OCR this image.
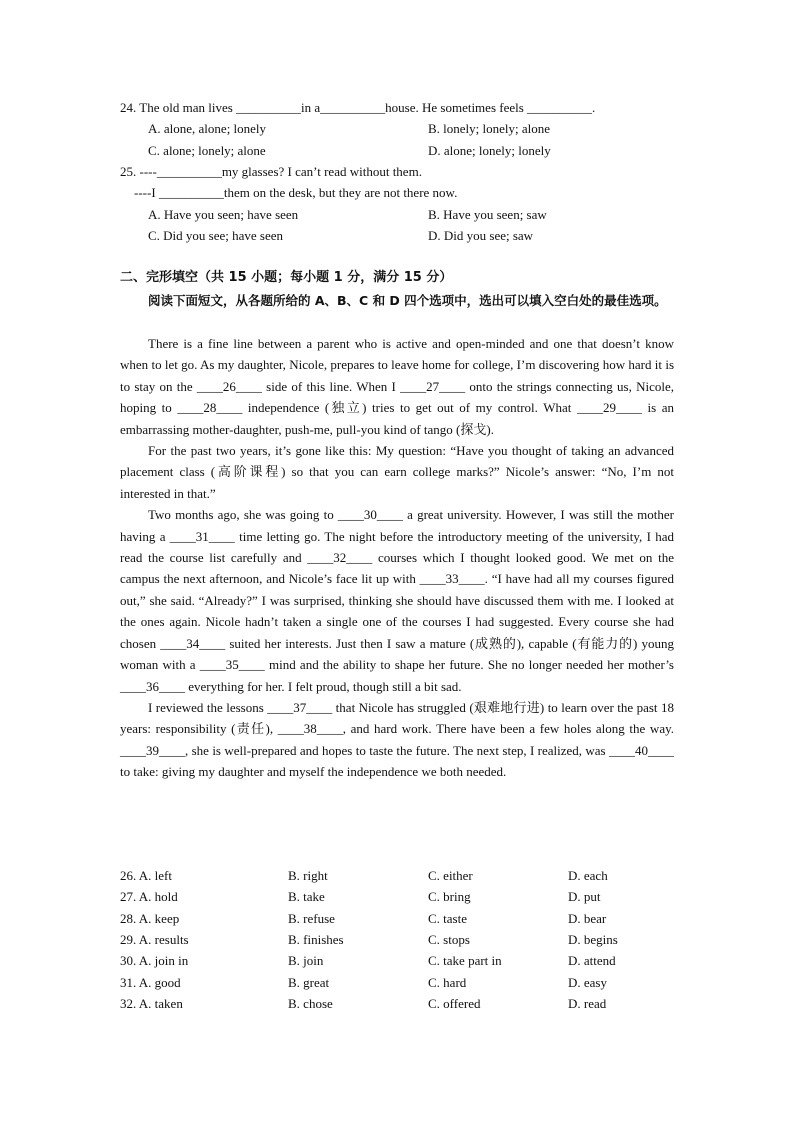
24. The old man lives __________in a__________house. He sometimes feels __________.
A. alone, alone; lonely	B. lonely; lonely; alone
C. alone; lonely; alone	D. alone; lonely; lonely
25. ----__________my glasses? I can’t read without them.
----I __________them on the desk, but they are not there now.
A. Have you seen; have seen	B. Have you seen; saw
C. Did you see; have seen	D. Did you see; saw
二、完形填空（共 15 小题；每小题 1 分，满分 15 分）
阅读下面短文，从各题所给的 A、B、C 和 D 四个选项中，选出可以填入空白处的最佳选项。

There is a fine line between a parent who is active and open-minded and one that doesn’t know when to let go. As my daughter, Nicole, prepares to leave home for college, I’m discovering how hard it is to stay on the ____26____ side of this line. When I ____27____ onto the strings connecting us, Nicole, hoping to ____28____ independence (独立) tries to get out of my control. What ____29____ is an embarrassing mother-daughter, push-me, pull-you kind of tango (探戈).

For the past two years, it’s gone like this: My question: “Have you thought of taking an advanced placement class (高阶课程) so that you can earn college marks?” Nicole’s answer: “No, I’m not interested in that.”

Two months ago, she was going to ____30____ a great university. However, I was still the mother having a ____31____ time letting go. The night before the introductory meeting of the university, I had read the course list carefully and ____32____ courses which I thought looked good. We met on the campus the next afternoon, and Nicole’s face lit up with ____33____. “I have had all my courses figured out,” she said. “Already?” I was surprised, thinking she should have discussed them with me. I looked at the ones again. Nicole hadn’t taken a single one of the courses I had suggested. Every course she had chosen ____34____ suited her interests. Just then I saw a mature (成熟的), capable (有能力的) young woman with a ____35____ mind and the ability to shape her future. She no longer needed her mother’s ____36____ everything for her. I felt proud, though still a bit sad.

I reviewed the lessons ____37____ that Nicole has struggled (艰难地行进) to learn over the past 18 years: responsibility (责任), ____38____, and hard work. There have been a few holes along the way. ____39____, she is well-prepared and hopes to taste the future. The next step, I realized, was ____40____ to take: giving my daughter and myself the independence we both needed.

26. A. left	B. right	C. either	D. each
27. A. hold	B. take	C. bring	D. put
28. A. keep	B. refuse	C. taste	D. bear
29. A. results	B. finishes	C. stops	D. begins
30. A. join in	B. join	C. take part in	D. attend
31. A. good	B. great	C. hard	D. easy
32. A. taken	B. chose	C. offered	D. read
